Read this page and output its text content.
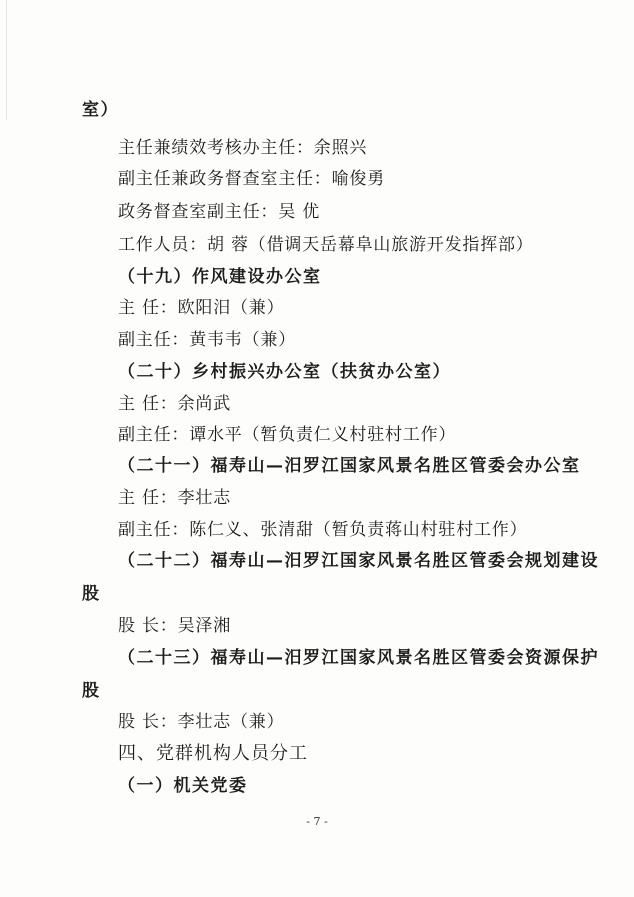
室）
主任兼绩效考核办主任：余照兴
副主任兼政务督查室主任：喻俊勇
政务督查室副主任：吴 优
工作人员：胡 蓉（借调天岳幕阜山旅游开发指挥部）
（十九）作风建设办公室
主 任：欧阳汨（兼）
副主任：黄韦韦（兼）
（二十）乡村振兴办公室（扶贫办公室）
主 任：余尚武
副主任：谭水平（暂负责仁义村驻村工作）
（二十一）福寿山—汨罗江国家风景名胜区管委会办公室
主 任：李壮志
副主任：陈仁义、张清甜（暂负责蒋山村驻村工作）
（二十二）福寿山—汨罗江国家风景名胜区管委会规划建设
股
股 长：吴泽湘
（二十三）福寿山—汨罗江国家风景名胜区管委会资源保护
股
股 长：李壮志（兼）
四、党群机构人员分工
（一）机关党委
- 7 -
